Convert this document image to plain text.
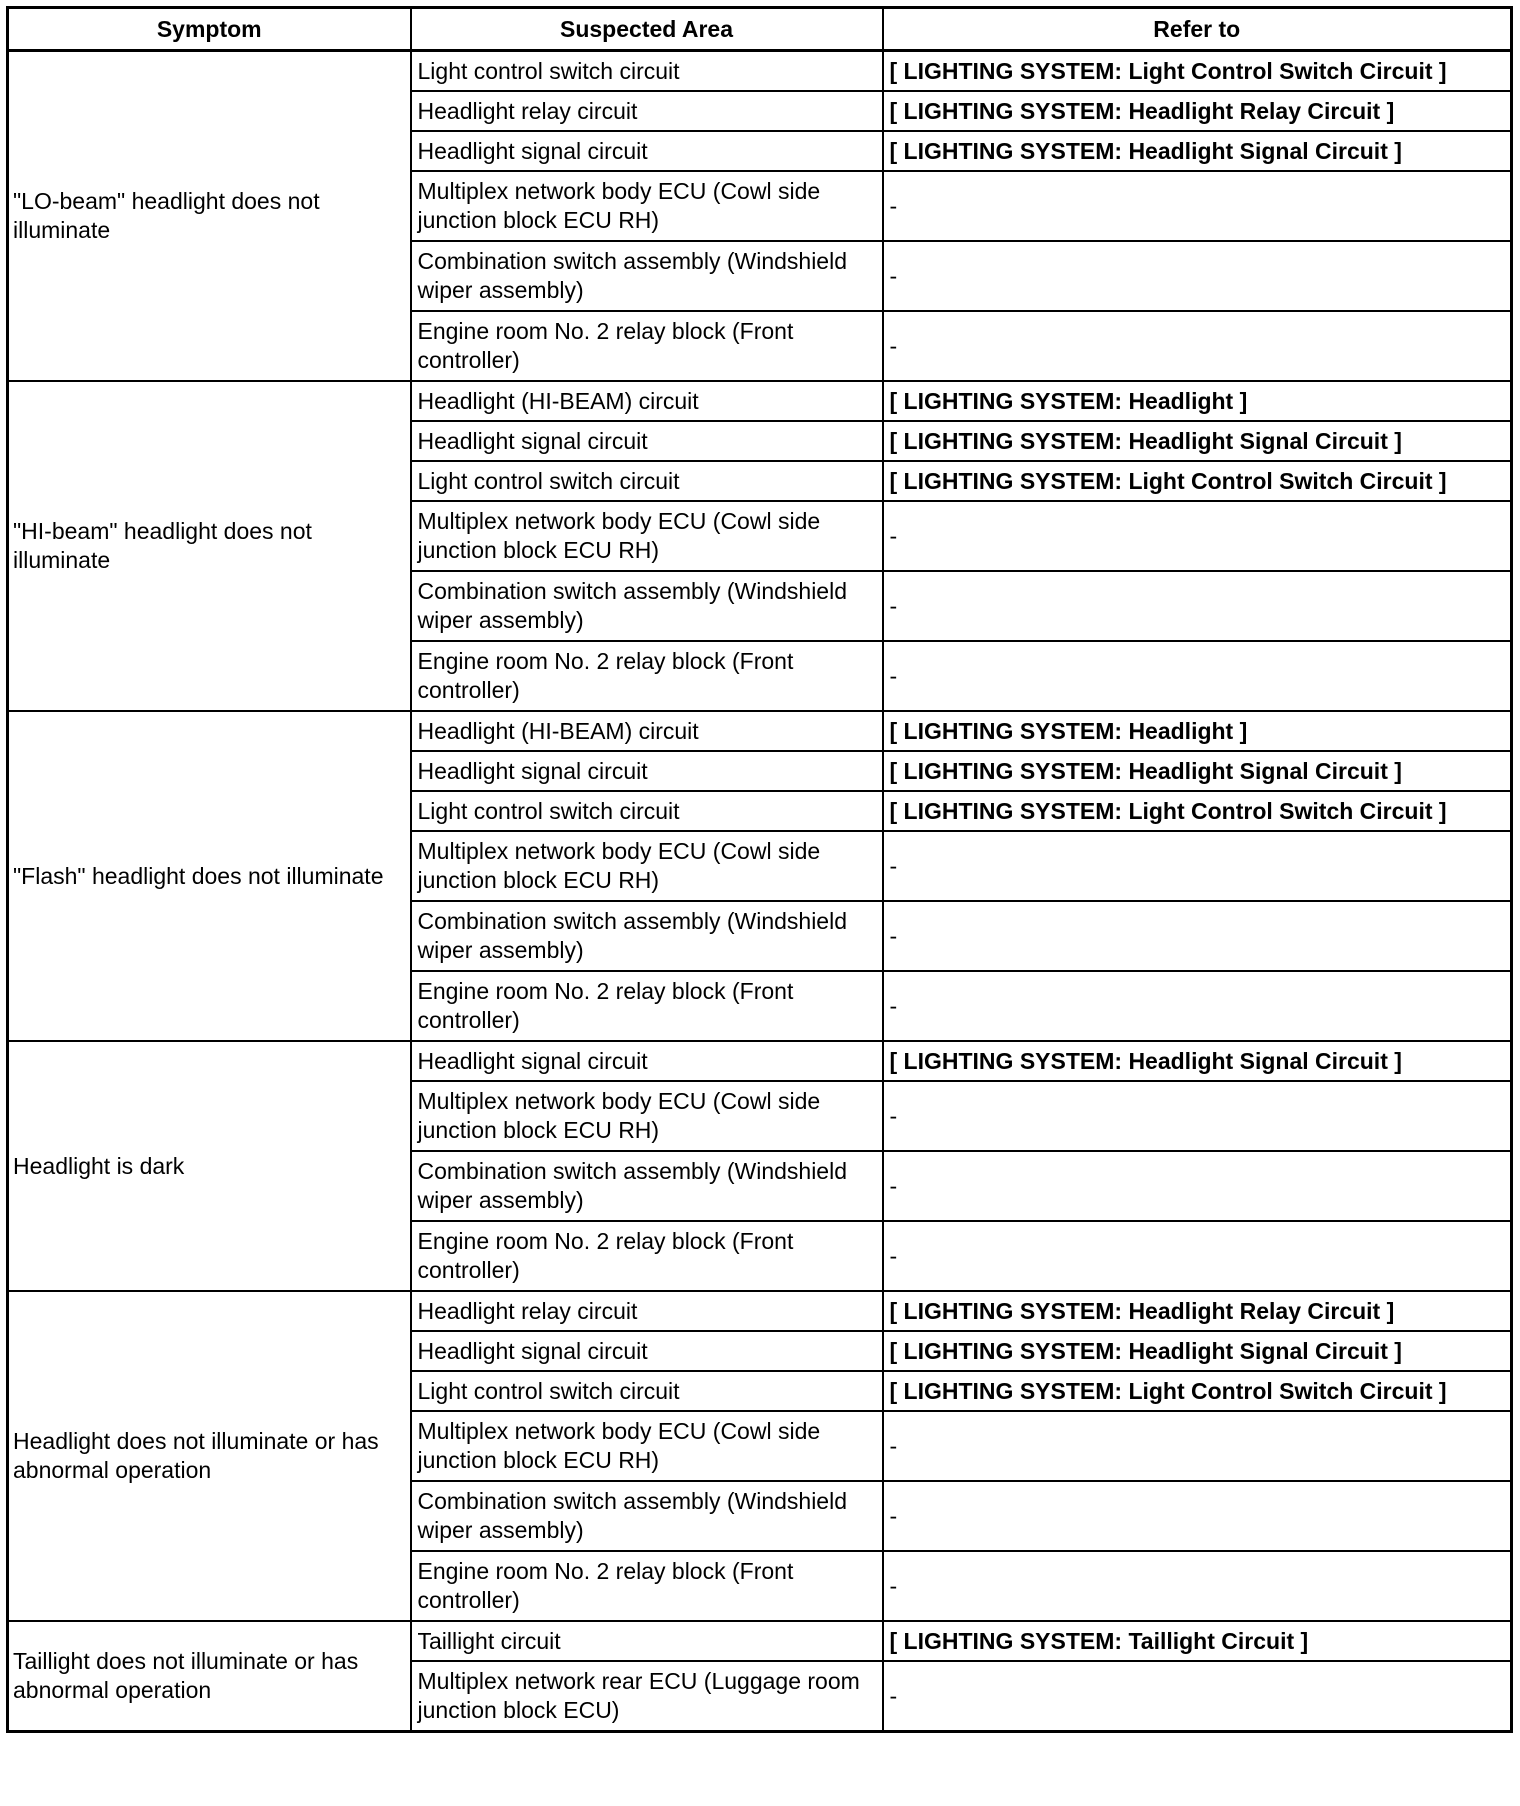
Symptom	Suspected Area	Refer to
"LO-beam" headlight does not illuminate	Light control switch circuit	[ LIGHTING SYSTEM: Light Control Switch Circuit ]
	Headlight relay circuit	[ LIGHTING SYSTEM: Headlight Relay Circuit ]
	Headlight signal circuit	[ LIGHTING SYSTEM: Headlight Signal Circuit ]
	Multiplex network body ECU (Cowl side junction block ECU RH)	-
	Combination switch assembly (Windshield wiper assembly)	-
	Engine room No. 2 relay block (Front controller)	-
"HI-beam" headlight does not illuminate	Headlight (HI-BEAM) circuit	[ LIGHTING SYSTEM: Headlight ]
	Headlight signal circuit	[ LIGHTING SYSTEM: Headlight Signal Circuit ]
	Light control switch circuit	[ LIGHTING SYSTEM: Light Control Switch Circuit ]
	Multiplex network body ECU (Cowl side junction block ECU RH)	-
	Combination switch assembly (Windshield wiper assembly)	-
	Engine room No. 2 relay block (Front controller)	-
"Flash" headlight does not illuminate	Headlight (HI-BEAM) circuit	[ LIGHTING SYSTEM: Headlight ]
	Headlight signal circuit	[ LIGHTING SYSTEM: Headlight Signal Circuit ]
	Light control switch circuit	[ LIGHTING SYSTEM: Light Control Switch Circuit ]
	Multiplex network body ECU (Cowl side junction block ECU RH)	-
	Combination switch assembly (Windshield wiper assembly)	-
	Engine room No. 2 relay block (Front controller)	-
Headlight is dark	Headlight signal circuit	[ LIGHTING SYSTEM: Headlight Signal Circuit ]
	Multiplex network body ECU (Cowl side junction block ECU RH)	-
	Combination switch assembly (Windshield wiper assembly)	-
	Engine room No. 2 relay block (Front controller)	-
Headlight does not illuminate or has abnormal operation	Headlight relay circuit	[ LIGHTING SYSTEM: Headlight Relay Circuit ]
	Headlight signal circuit	[ LIGHTING SYSTEM: Headlight Signal Circuit ]
	Light control switch circuit	[ LIGHTING SYSTEM: Light Control Switch Circuit ]
	Multiplex network body ECU (Cowl side junction block ECU RH)	-
	Combination switch assembly (Windshield wiper assembly)	-
	Engine room No. 2 relay block (Front controller)	-
Taillight does not illuminate or has abnormal operation	Taillight circuit	[ LIGHTING SYSTEM: Taillight Circuit ]
	Multiplex network rear ECU (Luggage room junction block ECU)	-
